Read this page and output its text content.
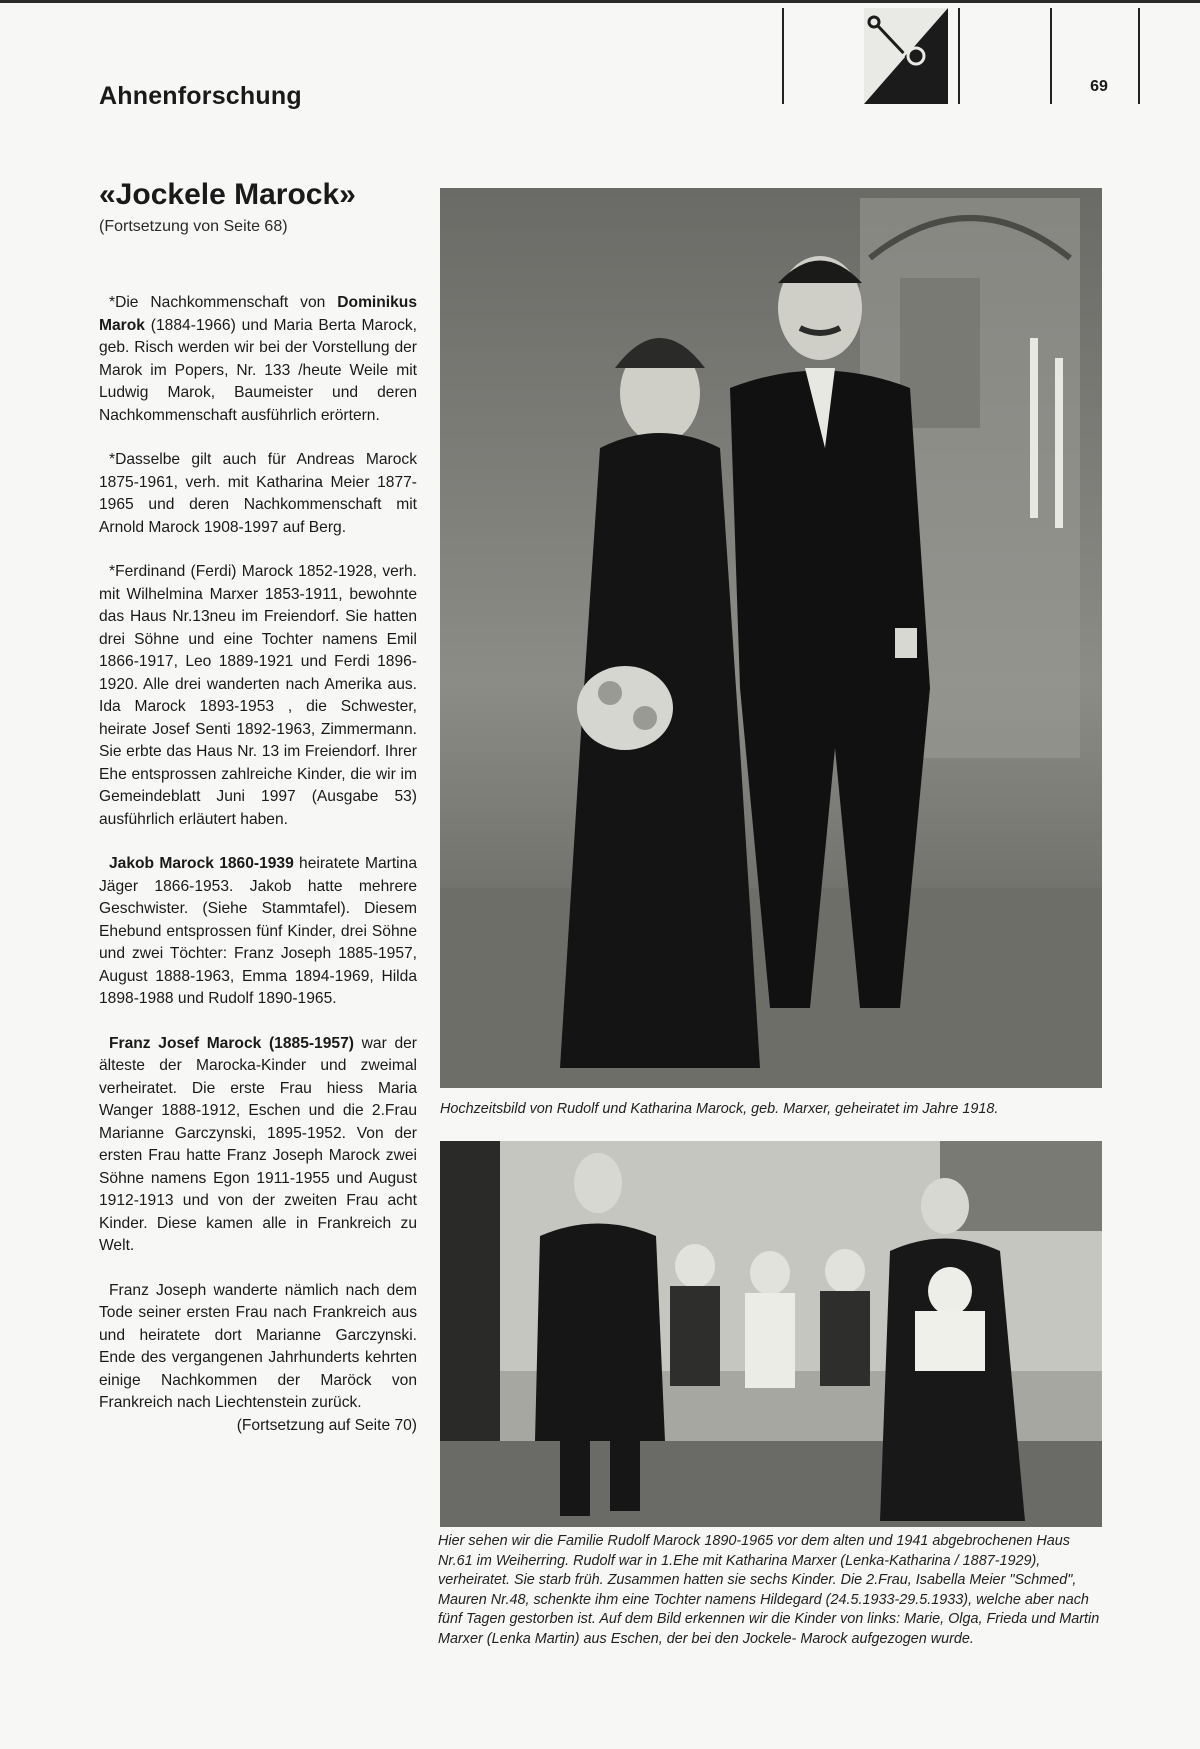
Ahnenforschung	69
«Jockele Marock»
(Fortsetzung von Seite 68)

*Die Nachkommenschaft von Dominikus Marok (1884-1966) und Maria Berta Marock, geb. Risch werden wir bei der Vorstellung der Marok im Popers, Nr. 133 /heute Weile mit Ludwig Marok, Baumeister und deren Nachkommenschaft ausführlich erörtern.

*Dasselbe gilt auch für Andreas Marock 1875-1961, verh. mit Katharina Meier 1877-1965 und deren Nachkommenschaft mit Arnold Marock 1908-1997 auf Berg.

*Ferdinand (Ferdi) Marock 1852-1928, verh. mit Wilhelmina Marxer 1853-1911, bewohnte das Haus Nr.13neu im Freiendorf. Sie hatten drei Söhne und eine Tochter namens Emil 1866-1917, Leo 1889-1921 und Ferdi 1896-1920. Alle drei wanderten nach Amerika aus. Ida Marock 1893-1953 , die Schwester, heirate Josef Senti 1892-1963, Zimmermann. Sie erbte das Haus Nr. 13 im Freiendorf. Ihrer Ehe entsprossen zahlreiche Kinder, die wir im Gemeindeblatt Juni 1997 (Ausgabe 53) ausführlich erläutert haben.

Jakob Marock 1860-1939 heiratete Martina Jäger 1866-1953. Jakob hatte mehrere Geschwister. (Siehe Stammtafel). Diesem Ehebund entsprossen fünf Kinder, drei Söhne und zwei Töchter: Franz Joseph 1885-1957, August 1888-1963, Emma 1894-1969, Hilda 1898-1988 und Rudolf 1890-1965.

Franz Josef Marock (1885-1957) war der älteste der Marocka-Kinder und zweimal verheiratet. Die erste Frau hiess Maria Wanger 1888-1912, Eschen und die 2.Frau Marianne Garczynski, 1895-1952. Von der ersten Frau hatte Franz Joseph Marock zwei Söhne namens Egon 1911-1955 und August 1912-1913 und von der zweiten Frau acht Kinder. Diese kamen alle in Frankreich zu Welt.

Franz Joseph wanderte nämlich nach dem Tode seiner ersten Frau nach Frankreich aus und heiratete dort Marianne Garczynski. Ende des vergangenen Jahrhunderts kehrten einige Nachkommen der Maröck von Frankreich nach Liechtenstein zurück.

(Fortsetzung auf Seite 70)
Hochzeitsbild von Rudolf und Katharina Marock, geb. Marxer, geheiratet im Jahre 1918.
Hier sehen wir die Familie Rudolf Marock 1890-1965 vor dem alten und 1941 abgebrochenen Haus Nr.61 im Weiherring. Rudolf war in 1.Ehe mit Katharina Marxer (Lenka-Katharina / 1887-1929), verheiratet. Sie starb früh. Zusammen hatten sie sechs Kinder. Die 2.Frau, Isabella Meier "Schmed", Mauren Nr.48, schenkte ihm eine Tochter namens Hildegard (24.5.1933-29.5.1933), welche aber nach fünf Tagen gestorben ist. Auf dem Bild erkennen wir die Kinder von links: Marie, Olga, Frieda und Martin Marxer (Lenka Martin) aus Eschen, der bei den Jockele- Marock aufgezogen wurde.
